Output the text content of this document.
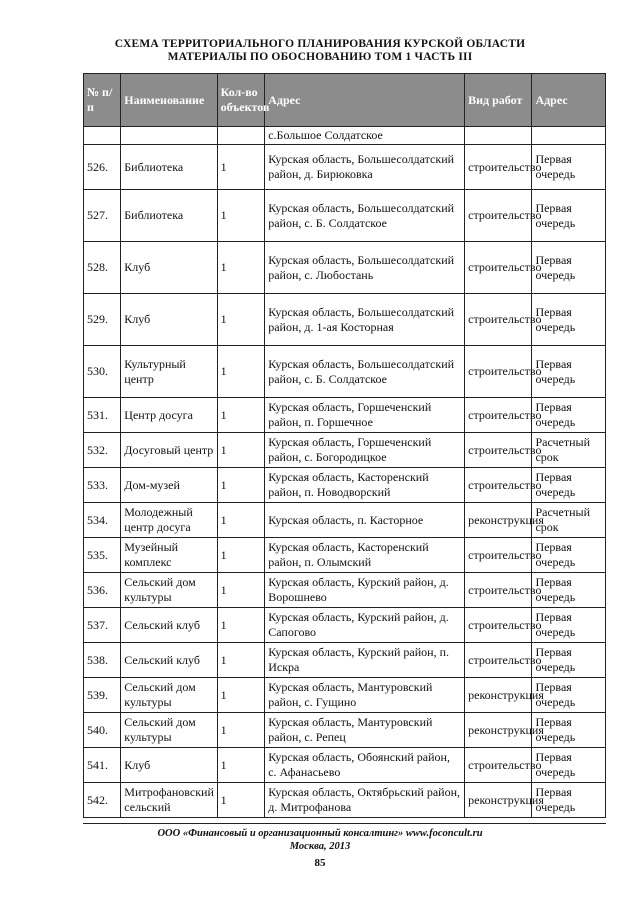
СХЕМА ТЕРРИТОРИАЛЬНОГО ПЛАНИРОВАНИЯ КУРСКОЙ ОБЛАСТИ
МАТЕРИАЛЫ ПО ОБОСНОВАНИЮ ТОМ 1 ЧАСТЬ III
№ п/п	Наименование	Кол-во объектов	Адрес	Вид работ	Адрес
			с.Большое Солдатское		
526.	Библиотека	1	Курская область, Большесолдатский район, д. Бирюковка	строительство	Первая очередь
527.	Библиотека	1	Курская область, Большесолдатский район, с. Б. Солдатское	строительство	Первая очередь
528.	Клуб	1	Курская область, Большесолдатский район, с. Любостань	строительство	Первая очередь
529.	Клуб	1	Курская область, Большесолдатский район, д. 1-ая Косторная	строительство	Первая очередь
530.	Культурный центр	1	Курская область, Большесолдатский район, с. Б. Солдатское	строительство	Первая очередь
531.	Центр досуга	1	Курская область, Горшеченский район, п. Горшечное	строительство	Первая очередь
532.	Досуговый центр	1	Курская область, Горшеченский район, с. Богородицкое	строительство	Расчетный срок
533.	Дом-музей	1	Курская область, Касторенский район, п. Новодворский	строительство	Первая очередь
534.	Молодежный центр досуга	1	Курская область, п. Касторное	реконструкция	Расчетный срок
535.	Музейный комплекс	1	Курская область, Касторенский район, п. Олымский	строительство	Первая очередь
536.	Сельский дом культуры	1	Курская область, Курский район, д. Ворошнево	строительство	Первая очередь
537.	Сельский клуб	1	Курская область, Курский район, д. Сапогово	строительство	Первая очередь
538.	Сельский клуб	1	Курская область, Курский район, п. Искра	строительство	Первая очередь
539.	Сельский дом культуры	1	Курская область, Мантуровский район, с. Гущино	реконструкция	Первая очередь
540.	Сельский дом культуры	1	Курская область, Мантуровский район, с. Репец	реконструкция	Первая очередь
541.	Клуб	1	Курская область, Обоянский район, с. Афанасьево	строительство	Первая очередь
542.	Митрофановский сельский	1	Курская область, Октябрьский район, д. Митрофанова	реконструкция	Первая очередь
ООО «Финансовый и организационный консалтинг» www.foconcult.ru
Москва, 2013
85
